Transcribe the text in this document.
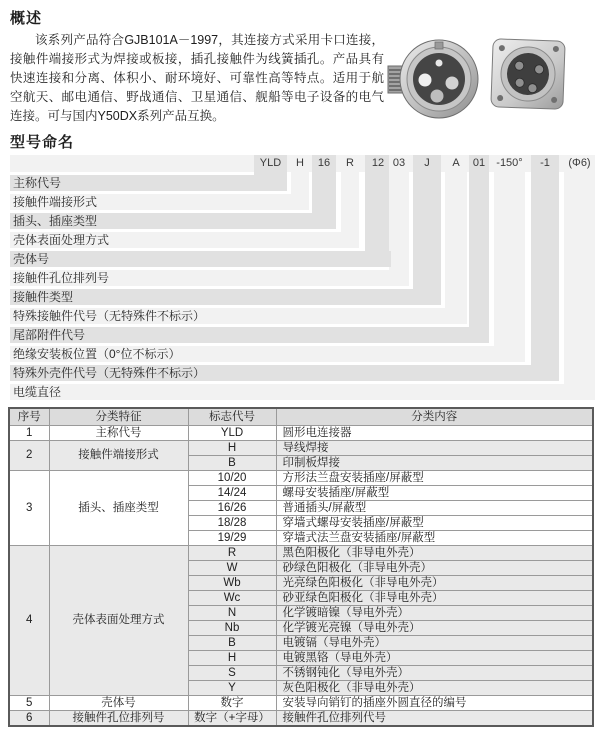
概述
该系列产品符合GJB101A－1997，其连接方式采用卡口连接，接触件端接形式为焊接或板接，插孔接触件为线簧插孔。产品具有快速连接和分离、体积小、耐环境好、可靠性高等特点。适用于航空航天、邮电通信、野战通信、卫星通信、舰船等电子设备的电气连接。可与国内Y50DX系列产品互换。
型号命名
主称代号
接触件端接形式
插头、插座类型
壳体表面处理方式
壳体号
接触件孔位排列号
接触件类型
特殊接触件代号（无特殊件不标示）
尾部附件代号
绝缘安装板位置（0°位不标示）
特殊外壳件代号（无特殊件不标示）
电缆直径
YLD	H	16	R	12 03	J	A	01	-150°	-1	(Φ6)
序号	分类特征	标志代号	分类内容
1	主称代号	YLD	圆形电连接器
2	接触件端接形式	H	导线焊接
		B	印制板焊接
3	插头、插座类型	10/20	方形法兰盘安装插座/屏蔽型
		14/24	螺母安装插座/屏蔽型
		16/26	普通插头/屏蔽型
		18/28	穿墙式螺母安装插座/屏蔽型
		19/29	穿墙式法兰盘安装插座/屏蔽型
4	壳体表面处理方式	R	黑色阳极化（非导电外壳）
		W	砂绿色阳极化（非导电外壳）
		Wb	光亮绿色阳极化（非导电外壳）
		Wc	砂亚绿色阳极化（非导电外壳）
		N	化学镀暗镍（导电外壳）
		Nb	化学镀光亮镍（导电外壳）
		B	电镀镉（导电外壳）
		H	电镀黑铬（导电外壳）
		S	不锈钢钝化（导电外壳）
		Y	灰色阳极化（非导电外壳）
5	壳体号	数字	安装导向销钉的插座外圆直径的编号
6	接触件孔位排列号	数字（+字母）	接触件孔位排列代号
